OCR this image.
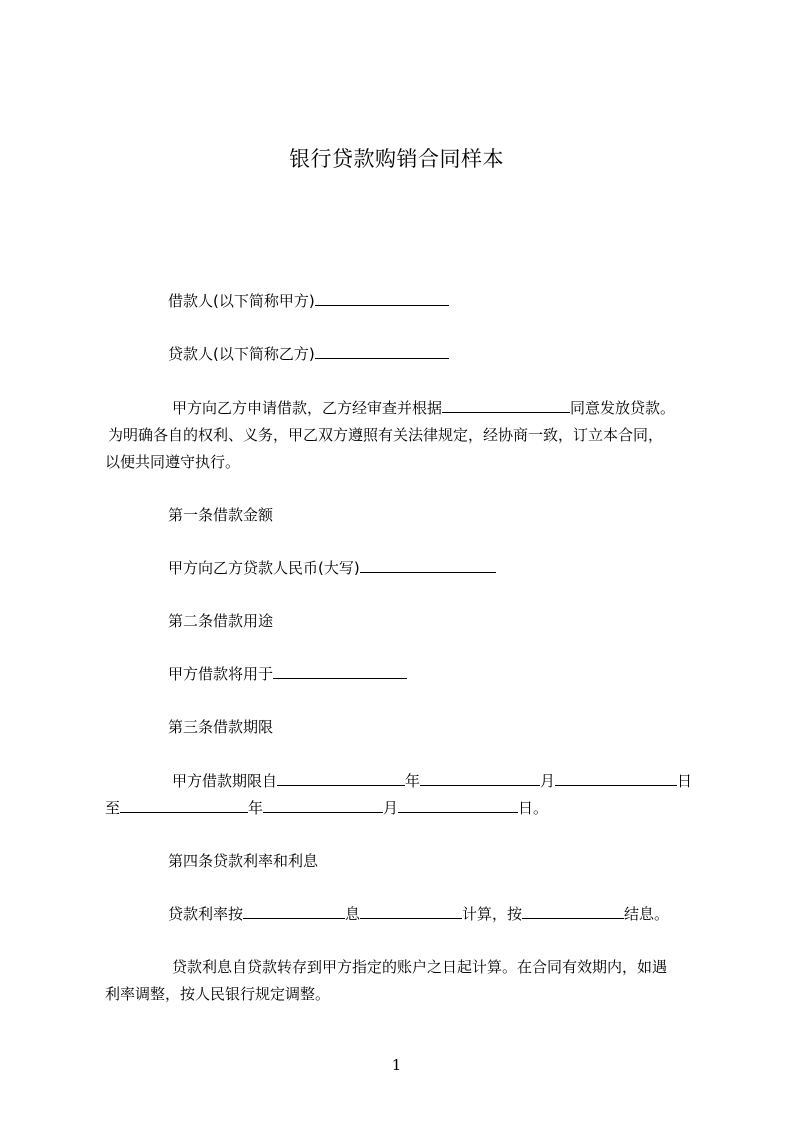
银行贷款购销合同样本
借款人(以下简称甲方)
贷款人(以下简称乙方)
甲方向乙方申请借款，乙方经审查并根据	同意发放贷款。
为明确各自的权利、义务，甲乙双方遵照有关法律规定，经协商一致，订立本合同，
以便共同遵守执行。
第一条借款金额
甲方向乙方贷款人民币(大写)
第二条借款用途
甲方借款将用于
第三条借款期限
甲方借款期限自	年	月	日
至	年	月	日。
第四条贷款利率和利息
贷款利率按	息	计算，按	结息。
贷款利息自贷款转存到甲方指定的账户之日起计算。在合同有效期内，如遇
利率调整，按人民银行规定调整。
1
